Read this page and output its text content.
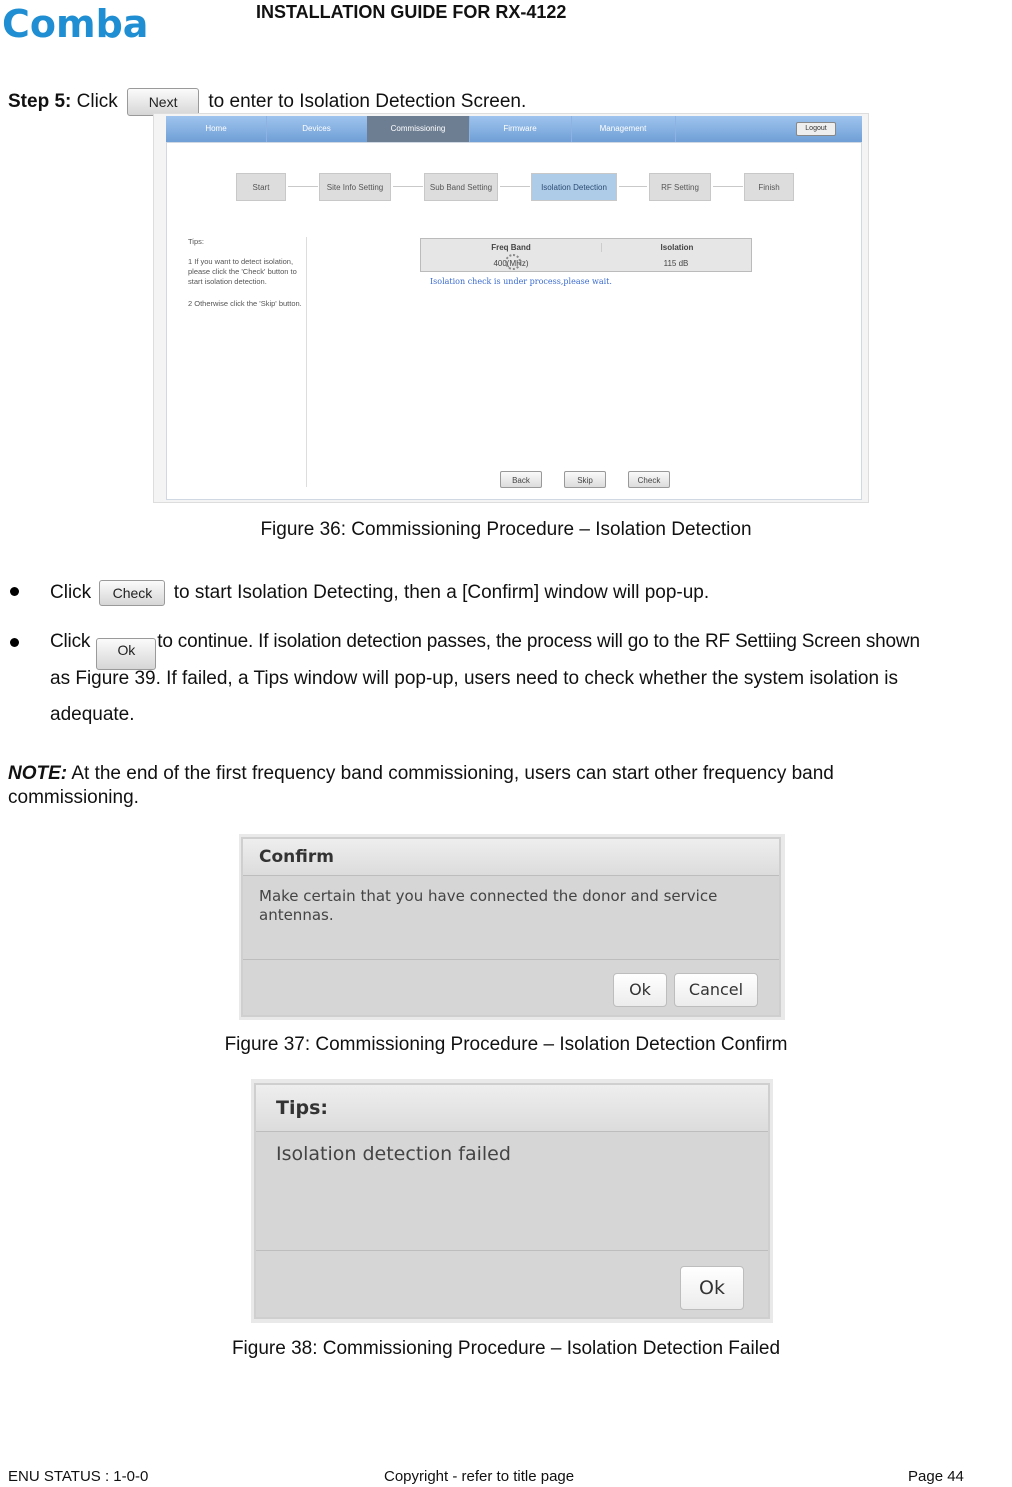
Comba	INSTALLATION GUIDE FOR RX-4122
Step 5: Click Next to enter to Isolation Detection Screen.
Home	Devices	Commissioning	Firmware	Management	Logout
Start	Site Info Setting	Sub Band Setting	Isolation Detection	RF Setting	Finish
Tips:
1 If you want to detect isolation, please click the 'Check' button to start isolation detection.
2 Otherwise click the 'Skip' button.
Freq Band	Isolation
400(MHz)	115 dB
Isolation check is under process,please wait.
Back	Skip	Check
Figure 36: Commissioning Procedure – Isolation Detection
Click Check to start Isolation Detecting, then a [Confirm] window will pop-up.
Click Ok to continue. If isolation detection passes, the process will go to the RF Settiing Screen shown
as Figure 39. If failed, a Tips window will pop-up, users need to check whether the system isolation is
adequate.
NOTE: At the end of the first frequency band commissioning, users can start other frequency band
commissioning.
Confirm
Make certain that you have connected the donor and service
antennas.
Ok	Cancel
Figure 37: Commissioning Procedure – Isolation Detection Confirm
Tips:
Isolation detection failed
Ok
Figure 38: Commissioning Procedure – Isolation Detection Failed
ENU STATUS : 1-0-0	Copyright - refer to title page	Page 44
